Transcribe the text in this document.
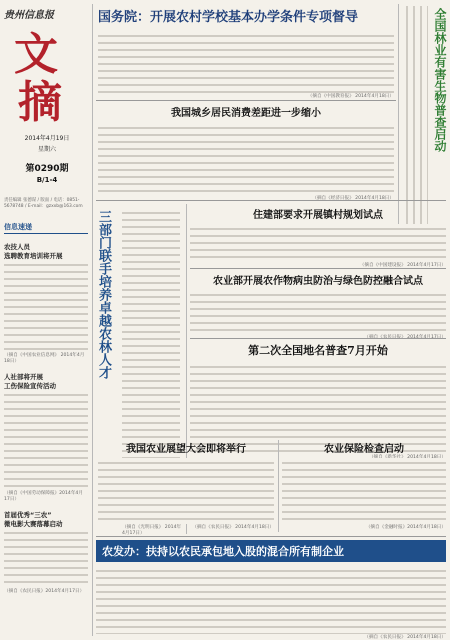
贵州信息报
文
摘
2014年4月19日
星期六
第0290期
B/1-4
责任编辑 张德谋 / 版面 / 电话：0851-5678748 / E-mail：gzxxb@163.com
信息速递
农技人员
选聘教育培训将开展
（摘自《中国农业信息网》 2014年4月18日）
人社部将开展
工伤保险宣传活动
（摘自《中国劳动保障报》2014年4月17日）
首届优秀“三农”
微电影大赛落幕启动
（摘自《农民日报》2014年4月17日）
国务院：开展农村学校基本办学条件专项督导
（摘自《中国教育报》 2014年4月18日）	全国林业有害生物普查启动
我国城乡居民消费差距进一步缩小
（摘自《经济日报》 2014年4月18日）
三部门联手培养卓越农林人才
（摘自《光明日报》 2014年4月17日）
住建部要求开展镇村规划试点
（摘自《中国建设报》 2014年4月17日）
农业部开展农作物病虫防治与绿色防控融合试点
（摘自《农民日报》 2014年4月17日）
第二次全国地名普查7月开始
我国农业展望大会即将举行
（摘自《农民日报》 2014年4月18日）
农业保险检查启动
（摘自《金融时报》2014年4月18日）
农发办：扶持以农民承包地入股的混合所有制企业
（摘自《农民日报》 2014年4月18日）
